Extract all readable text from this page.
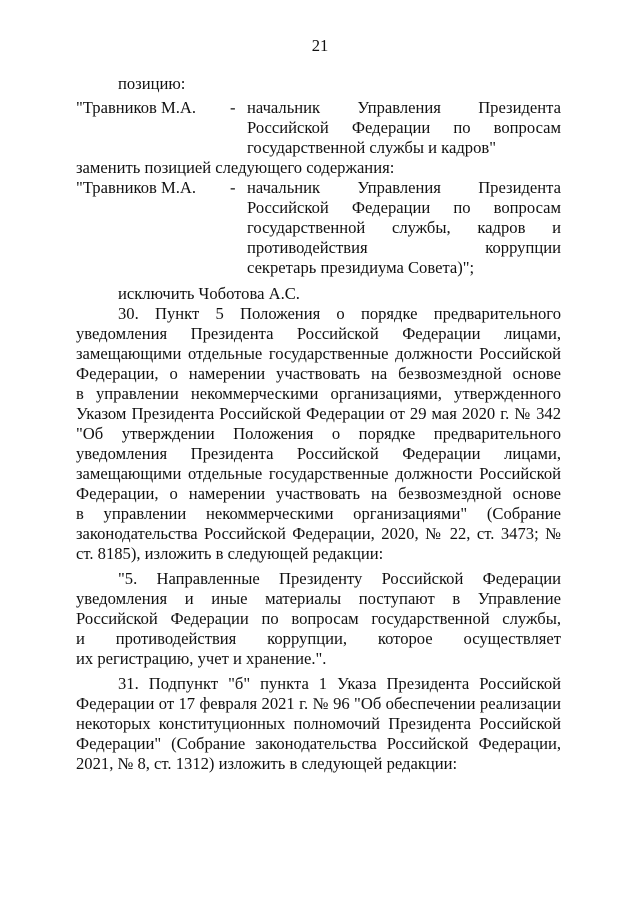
21
позицию:
"Травников М.А. - начальник Управления Президента
Российской Федерации по вопросам
государственной службы и кадров"
заменить позицией следующего содержания:
"Травников М.А. - начальник Управления Президента
Российской Федерации по вопросам
государственной службы, кадров и
противодействия коррупции
секретарь президиума Совета)";
исключить Чоботова А.С.
30. Пункт 5 Положения о порядке предварительного
уведомления Президента Российской Федерации лицами,
замещающими отдельные государственные должности Российской
Федерации, о намерении участвовать на безвозмездной основе
в управлении некоммерческими организациями, утвержденного
Указом Президента Российской Федерации от 29 мая 2020 г. № 342
"Об утверждении Положения о порядке предварительного
уведомления Президента Российской Федерации лицами,
замещающими отдельные государственные должности Российской
Федерации, о намерении участвовать на безвозмездной основе
в управлении некоммерческими организациями" (Собрание
законодательства Российской Федерации, 2020, № 22, ст. 3473; №
ст. 8185), изложить в следующей редакции:
"5. Направленные Президенту Российской Федерации
уведомления и иные материалы поступают в Управление
Российской Федерации по вопросам государственной службы,
и противодействия коррупции, которое осуществляет
их регистрацию, учет и хранение.".
31. Подпункт "б" пункта 1 Указа Президента Российской
Федерации от 17 февраля 2021 г. № 96 "Об обеспечении реализации
некоторых конституционных полномочий Президента Российской
Федерации" (Собрание законодательства Российской Федерации,
2021, № 8, ст. 1312) изложить в следующей редакции:
